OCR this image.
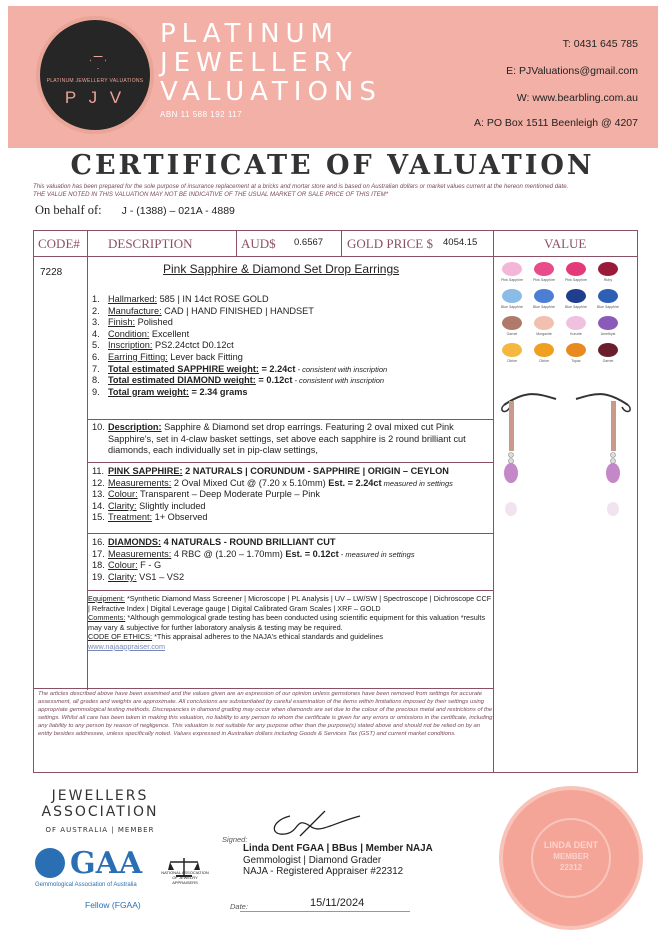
PLATINUM JEWELLERY VALUATIONS
P J V
PLATINUM
JEWELLERY
VALUATIONS
ABN 11 588 192 117
T: 0431 645 785
E: PJValuations@gmail.com
W: www.bearbling.com.au
A: PO Box 1511 Beenleigh @ 4207
CERTIFICATE OF VALUATION
This valuation has been prepared for the sole purpose of insurance replacement at a bricks and mortar store and is based on Australian dollars or market values current at the hereon mentioned date.
THE VALUE NOTED IN THIS VALUATION MAY NOT BE INDICATIVE OF THE USUAL MARKET OR SALE PRICE OF THIS ITEM*
On behalf of: J - (1388) – 021A - 4889
CODE# DESCRIPTION	AUD$ 0.6567 GOLD PRICE $ 4054.15	VALUE
7228	Pink Sapphire & Diamond Set Drop Earrings
1. Hallmarked: 585 | IN 14ct ROSE GOLD
2. Manufacture: CAD | HAND FINISHED | HANDSET
3. Finish: Polished
4. Condition: Excellent
5. Inscription: PS2.24ctct D0.12ct
6. Earring Fitting: Lever back Fitting
7. Total estimated SAPPHIRE weight: = 2.24ct - consistent with inscription
8. Total estimated DIAMOND weight: = 0.12ct - consistent with inscription
9. Total gram weight: = 2.34 grams
10. Description: Sapphire & Diamond set drop earrings. Featuring 2 oval mixed cut Pink Sapphire's, set in 4-claw basket settings, set above each sapphire is 2 round brilliant cut diamonds, each individually set in pip-claw settings,
11. PINK SAPPHIRE: 2 NATURALS | CORUNDUM - SAPPHIRE | ORIGIN – CEYLON
12. Measurements: 2 Oval Mixed Cut @ (7.20 x 5.10mm) Est. = 2.24ct measured in settings
13. Colour: Transparent – Deep Moderate Purple – Pink
14. Clarity: Slightly included
15. Treatment: 1+ Observed
16. DIAMONDS: 4 NATURALS - ROUND BRILLIANT CUT
17. Measurements: 4 RBC @ (1.20 – 1.70mm) Est. = 0.12ct - measured in settings
18. Colour: F - G
19. Clarity: VS1 – VS2
Equipment: *Synthetic Diamond Mass Screener | Microscope | PL Analysis | UV – LW/SW | Spectroscope | Dichroscope CCF | Refractive Index | Digital Leverage gauge | Digital Calibrated Gram Scales | XRF – GOLD
Comments: *Although gemmological grade testing has been conducted using scientific equipment for this valuation *results may vary & subjective for further laboratory analysis & testing may be required.
CODE OF ETHICS: *This appraisal adheres to the NAJA's ethical standards and guidelines
www.najaappraiser.com
The articles described above have been examined and the values given are an expression of our opinion unless gemstones have been removed from settings for accurate assessment, all grades and weights are approximate. All conclusions are substantiated by careful examination of the items within limitations imposed by their settings using appropriate gemmological testing methods. Discrepancies in diamond grading may occur when diamonds are set due to the colour of the precious metal and restrictions of the settings. Whilst all care has been taken in making this valuation, no liability to any person to whom the certificate is given for any errors or omissions in the certificate, including any liability to any person by reason of negligence. This valuation is not suitable for any purpose other than the purpose(s) stated above and should not be relied on by an entity besides addressee, unless specifically noted. Values expressed in Australian dollars including Goods & Services Tax (GST) and current market conditions.
Pink Sapphire	Pink Sapphire	Pink Sapphire	Ruby
Blue Sapphire	Blue Sapphire	Blue Sapphire	Blue Sapphire
Garnet	Morganite	Kunzite	Amethyst
Citrine	Citrine	Topaz	Garnet
JEWELLERS
ASSOCIATION
OF AUSTRALIA | MEMBER
GAA
Gemmological Association of Australia
Fellow (FGAA)
NATIONAL ASSOCIATION OF JEWELRY APPRAISERS
Signed:
Linda Dent FGAA | BBus | Member NAJA
Gemmologist | Diamond Grader
NAJA - Registered Appraiser #22312
Date:	15/11/2024
LINDA DENT
MEMBER
22312
